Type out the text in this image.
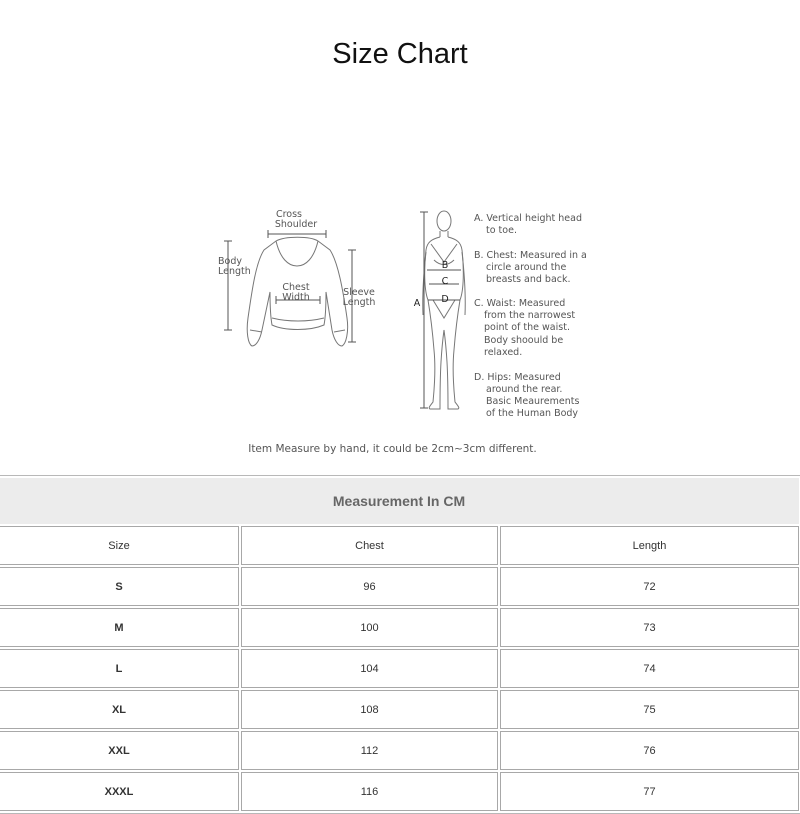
Size Chart
Cross
Shoulder
Body
Length
Chest
Width	Sleeve
Length
B
C
D
A
A. Vertical height head
to toe.
B. Chest: Measured in a
circle around the
breasts and back.
C. Waist: Measured
from the narrowest
point of the waist.
Body shoould be
relaxed.
D. Hips: Measured
around the rear.
Basic Meaurements
of the Human Body
Item Measure by hand, it could be 2cm~3cm different.
Measurement In CM		
Size	Chest	Length
S	96	72
M	100	73
L	104	74
XL	108	75
XXL	112	76
XXXL	116	77
